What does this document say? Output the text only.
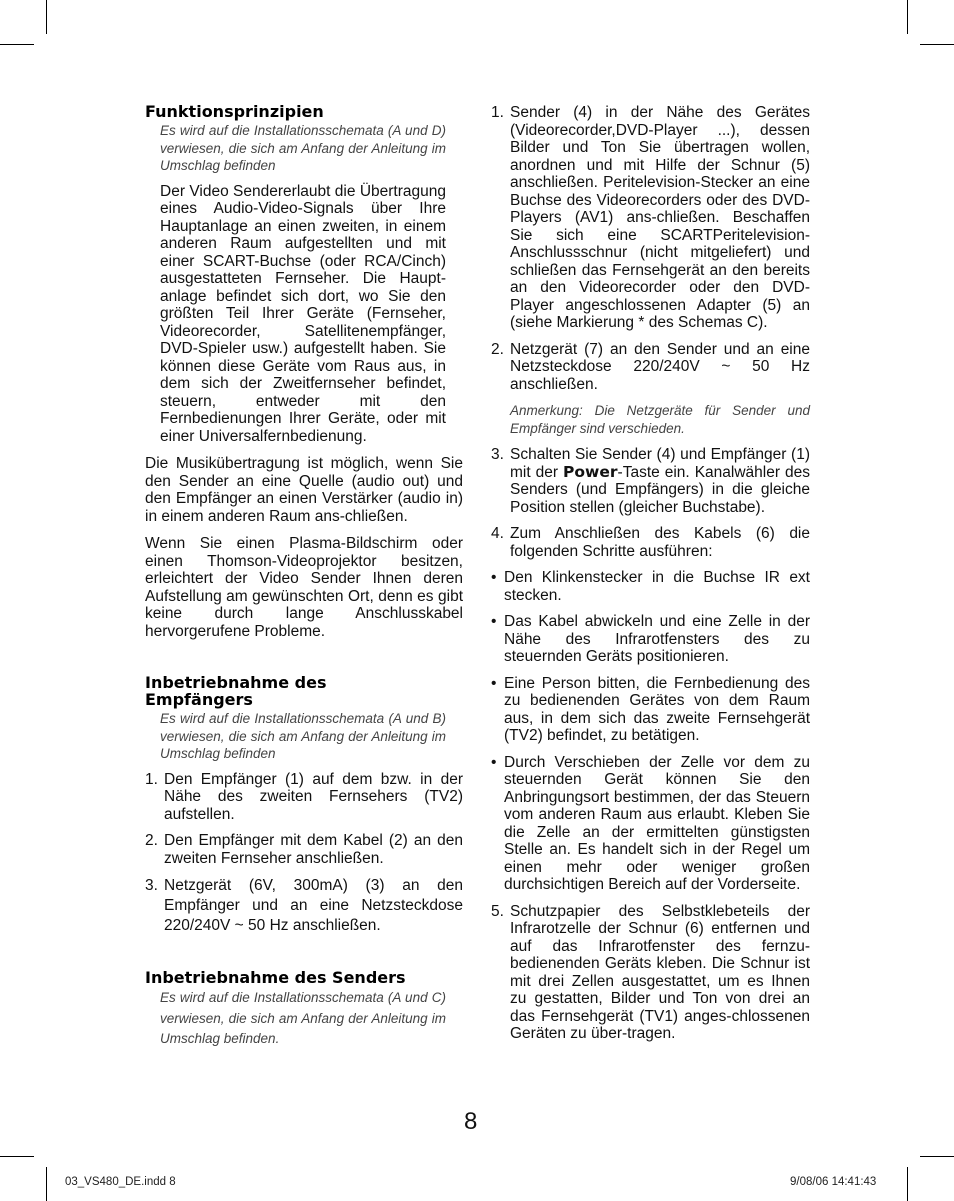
Funktionsprinzipien
Es wird auf die Installationsschemata (A und D) verwiesen, die sich am Anfang der Anleitung im Umschlag befinden

Der Video Sendererlaubt die Übertragung eines Audio-Video-Signals über Ihre Hauptanlage an einen zweiten, in einem anderen Raum aufgestellten und mit einer SCART-Buchse (oder RCA/Cinch) ausgestatteten Fernseher. Die Haupt-anlage befindet sich dort, wo Sie den größten Teil Ihrer Geräte (Fernseher, Videorecorder, Satellitenempfänger, DVD-Spieler usw.) aufgestellt haben. Sie können diese Geräte vom Raus aus, in dem sich der Zweitfernseher befindet, steuern, entweder mit den Fernbedienungen Ihrer Geräte, oder mit einer Universalfernbedienung.

Die Musikübertragung ist möglich, wenn Sie den Sender an eine Quelle (audio out) und den Empfänger an einen Verstärker (audio in) in einem anderen Raum ans-chließen.

Wenn Sie einen Plasma-Bildschirm oder einen Thomson-Videoprojektor besitzen, erleichtert der Video Sender Ihnen deren Aufstellung am gewünschten Ort, denn es gibt keine durch lange Anschlusskabel hervorgerufene Probleme.

Inbetriebnahme des Empfängers
Es wird auf die Installationsschemata (A und B) verwiesen, die sich am Anfang der Anleitung im Umschlag befinden
1. Den Empfänger (1) auf dem bzw. in der Nähe des zweiten Fernsehers (TV2) aufstellen.
2. Den Empfänger mit dem Kabel (2) an den zweiten Fernseher anschließen.
3. Netzgerät (6V, 300mA) (3) an den Empfänger und an eine Netzsteckdose 220/240V ~ 50 Hz anschließen.
Inbetriebnahme des Senders
Es wird auf die Installationsschemata (A und C) verwiesen, die sich am Anfang der Anleitung im Umschlag befinden.
1. Sender (4) in der Nähe des Gerätes (Videorecorder,DVD-Player ...), dessen Bilder und Ton Sie übertragen wollen, anordnen und mit Hilfe der Schnur (5) anschließen. Peritelevision-Stecker an eine Buchse des Videorecorders oder des DVD-Players (AV1) ans-chließen. Beschaffen Sie sich eine SCARTPeritelevision- Anschlussschnur (nicht mitgeliefert) und schließen das Fernsehgerät an den bereits an den Videorecorder oder den DVD-Player angeschlossenen Adapter (5) an (siehe Markierung * des Schemas C).
2. Netzgerät (7) an den Sender und an eine Netzsteckdose 220/240V ~ 50 Hz anschließen.
Anmerkung: Die Netzgeräte für Sender und Empfänger sind verschieden.
3. Schalten Sie Sender (4) und Empfänger (1) mit der Power-Taste ein. Kanalwähler des Senders (und Empfängers) in die gleiche Position stellen (gleicher Buchstabe).
4. Zum Anschließen des Kabels (6) die folgenden Schritte ausführen:
• Den Klinkenstecker in die Buchse IR ext stecken.
• Das Kabel abwickeln und eine Zelle in der Nähe des Infrarotfensters des zu steuernden Geräts positionieren.
• Eine Person bitten, die Fernbedienung des zu bedienenden Gerätes von dem Raum aus, in dem sich das zweite Fernsehgerät (TV2) befindet, zu betätigen.
• Durch Verschieben der Zelle vor dem zu steuernden Gerät können Sie den Anbringungsort bestimmen, der das Steuern vom anderen Raum aus erlaubt. Kleben Sie die Zelle an der ermittelten günstigsten Stelle an. Es handelt sich in der Regel um einen mehr oder weniger großen durchsichtigen Bereich auf der Vorderseite.
5. Schutzpapier des Selbstklebeteils der Infrarotzelle der Schnur (6) entfernen und auf das Infrarotfenster des fernzu-bedienenden Geräts kleben. Die Schnur ist mit drei Zellen ausgestattet, um es Ihnen zu gestatten, Bilder und Ton von drei an das Fernsehgerät (TV1) anges-chlossenen Geräten zu über-tragen.
8
03_VS480_DE.indd 8	9/08/06 14:41:43
